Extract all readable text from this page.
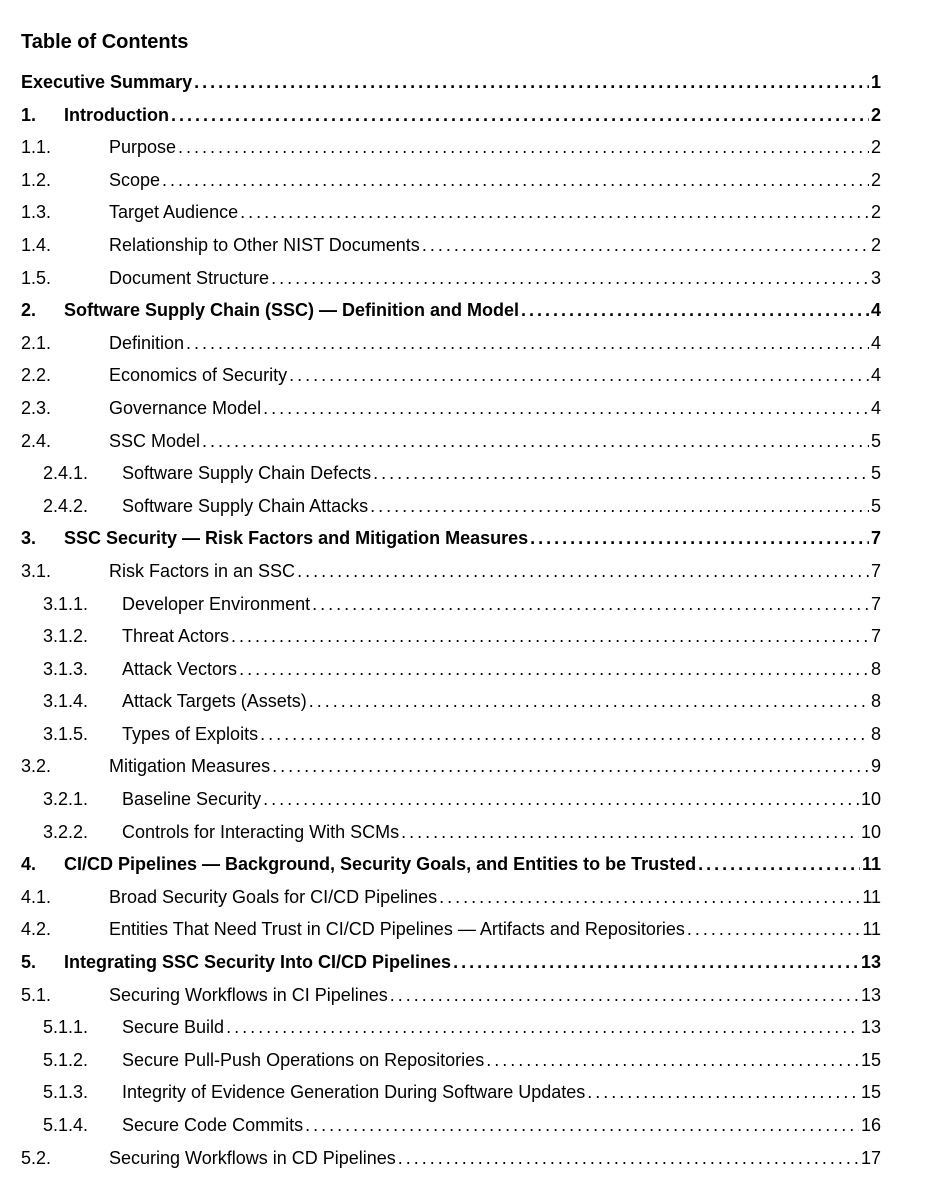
Table of Contents
Executive Summary . . .	1
1.	Introduction . . .	2
1.1.	Purpose . . .	2
1.2.	Scope . . .	2
1.3.	Target Audience . . .	2
1.4.	Relationship to Other NIST Documents . . .	2
1.5.	Document Structure . . .	3
2.	Software Supply Chain (SSC) — Definition and Model . . .	4
2.1.	Definition . . .	4
2.2.	Economics of Security . . .	4
2.3.	Governance Model . . .	4
2.4.	SSC Model . . .	5
2.4.1.	Software Supply Chain Defects . . .	5
2.4.2.	Software Supply Chain Attacks . . .	5
3.	SSC Security — Risk Factors and Mitigation Measures . . .	7
3.1.	Risk Factors in an SSC . . .	7
3.1.1.	Developer Environment . . .	7
3.1.2.	Threat Actors . . .	7
3.1.3.	Attack Vectors . . .	8
3.1.4.	Attack Targets (Assets) . . .	8
3.1.5.	Types of Exploits . . .	8
3.2.	Mitigation Measures . . .	9
3.2.1.	Baseline Security . . .	10
3.2.2.	Controls for Interacting With SCMs . . .	10
4.	CI/CD Pipelines — Background, Security Goals, and Entities to be Trusted . . .	11
4.1.	Broad Security Goals for CI/CD Pipelines . . .	11
4.2.	Entities That Need Trust in CI/CD Pipelines — Artifacts and Repositories . . .	11
5.	Integrating SSC Security Into CI/CD Pipelines . . .	13
5.1.	Securing Workflows in CI Pipelines . . .	13
5.1.1.	Secure Build . . .	13
5.1.2.	Secure Pull-Push Operations on Repositories . . .	15
5.1.3.	Integrity of Evidence Generation During Software Updates . . .	15
5.1.4.	Secure Code Commits . . .	16
5.2.	Securing Workflows in CD Pipelines . . .	17
